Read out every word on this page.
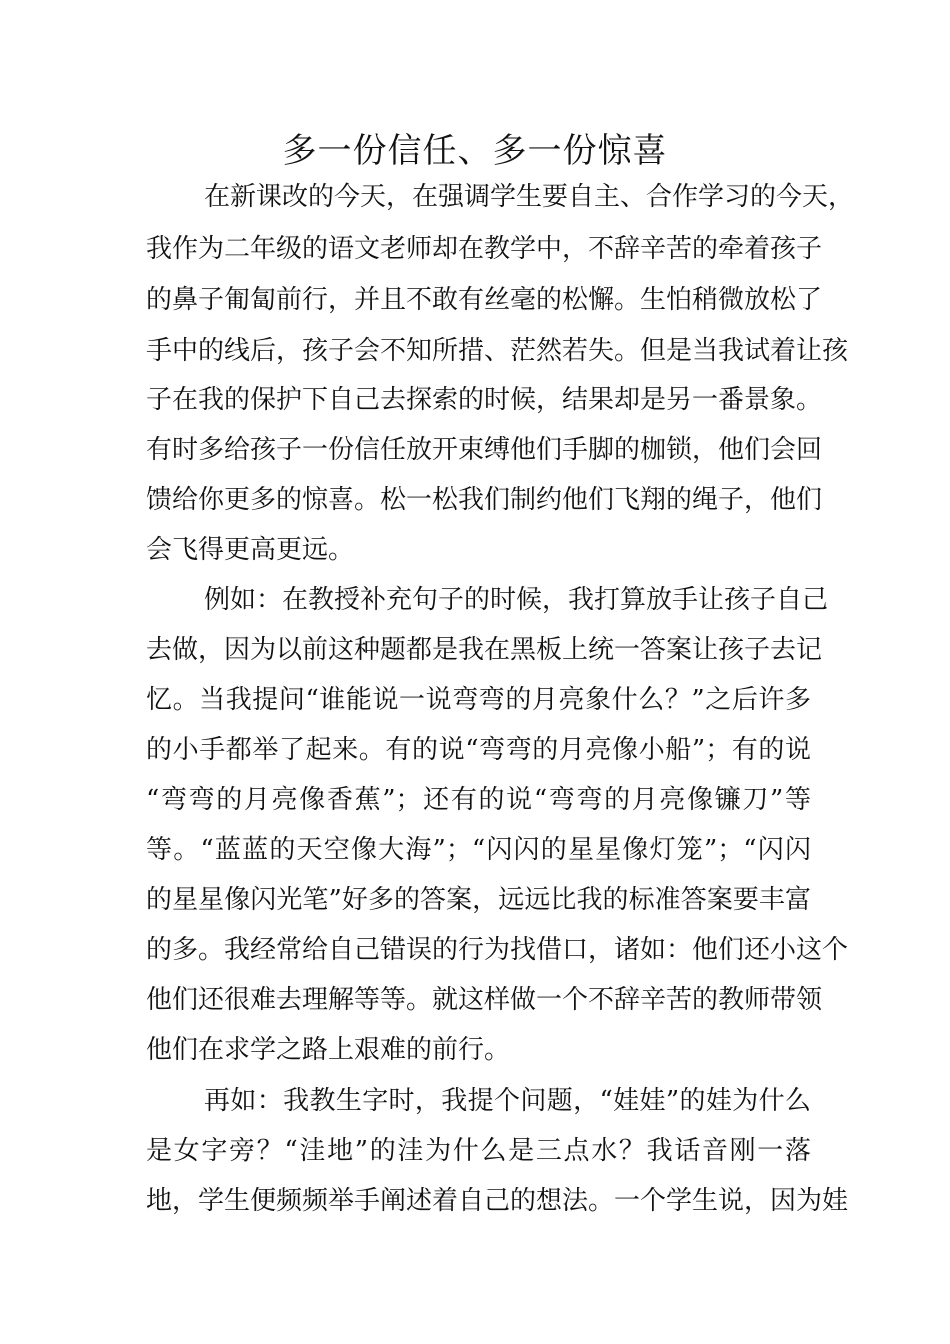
多一份信任、多一份惊喜

在新课改的今天，在强调学生要自主、合作学习的今天，

我作为二年级的语文老师却在教学中，不辞辛苦的牵着孩子

的鼻子匍匐前行，并且不敢有丝毫的松懈。生怕稍微放松了

手中的线后，孩子会不知所措、茫然若失。但是当我试着让孩

子在我的保护下自己去探索的时候，结果却是另一番景象。

有时多给孩子一份信任放开束缚他们手脚的枷锁，他们会回

馈给你更多的惊喜。松一松我们制约他们飞翔的绳子，他们

会飞得更高更远。

例如：在教授补充句子的时候，我打算放手让孩子自己

去做，因为以前这种题都是我在黑板上统一答案让孩子去记

忆。当我提问“谁能说一说弯弯的月亮象什么？”之后许多

的小手都举了起来。有的说“弯弯的月亮像小船”；有的说

“弯弯的月亮像香蕉”；还有的说“弯弯的月亮像镰刀”等

等。“蓝蓝的天空像大海”；“闪闪的星星像灯笼”；“闪闪

的星星像闪光笔”好多的答案，远远比我的标准答案要丰富

的多。我经常给自己错误的行为找借口，诸如：他们还小这个

他们还很难去理解等等。就这样做一个不辞辛苦的教师带领

他们在求学之路上艰难的前行。

再如：我教生字时，我提个问题，“娃娃”的娃为什么

是女字旁？“洼地”的洼为什么是三点水？我话音刚一落

地，学生便频频举手阐述着自己的想法。一个学生说，因为娃
